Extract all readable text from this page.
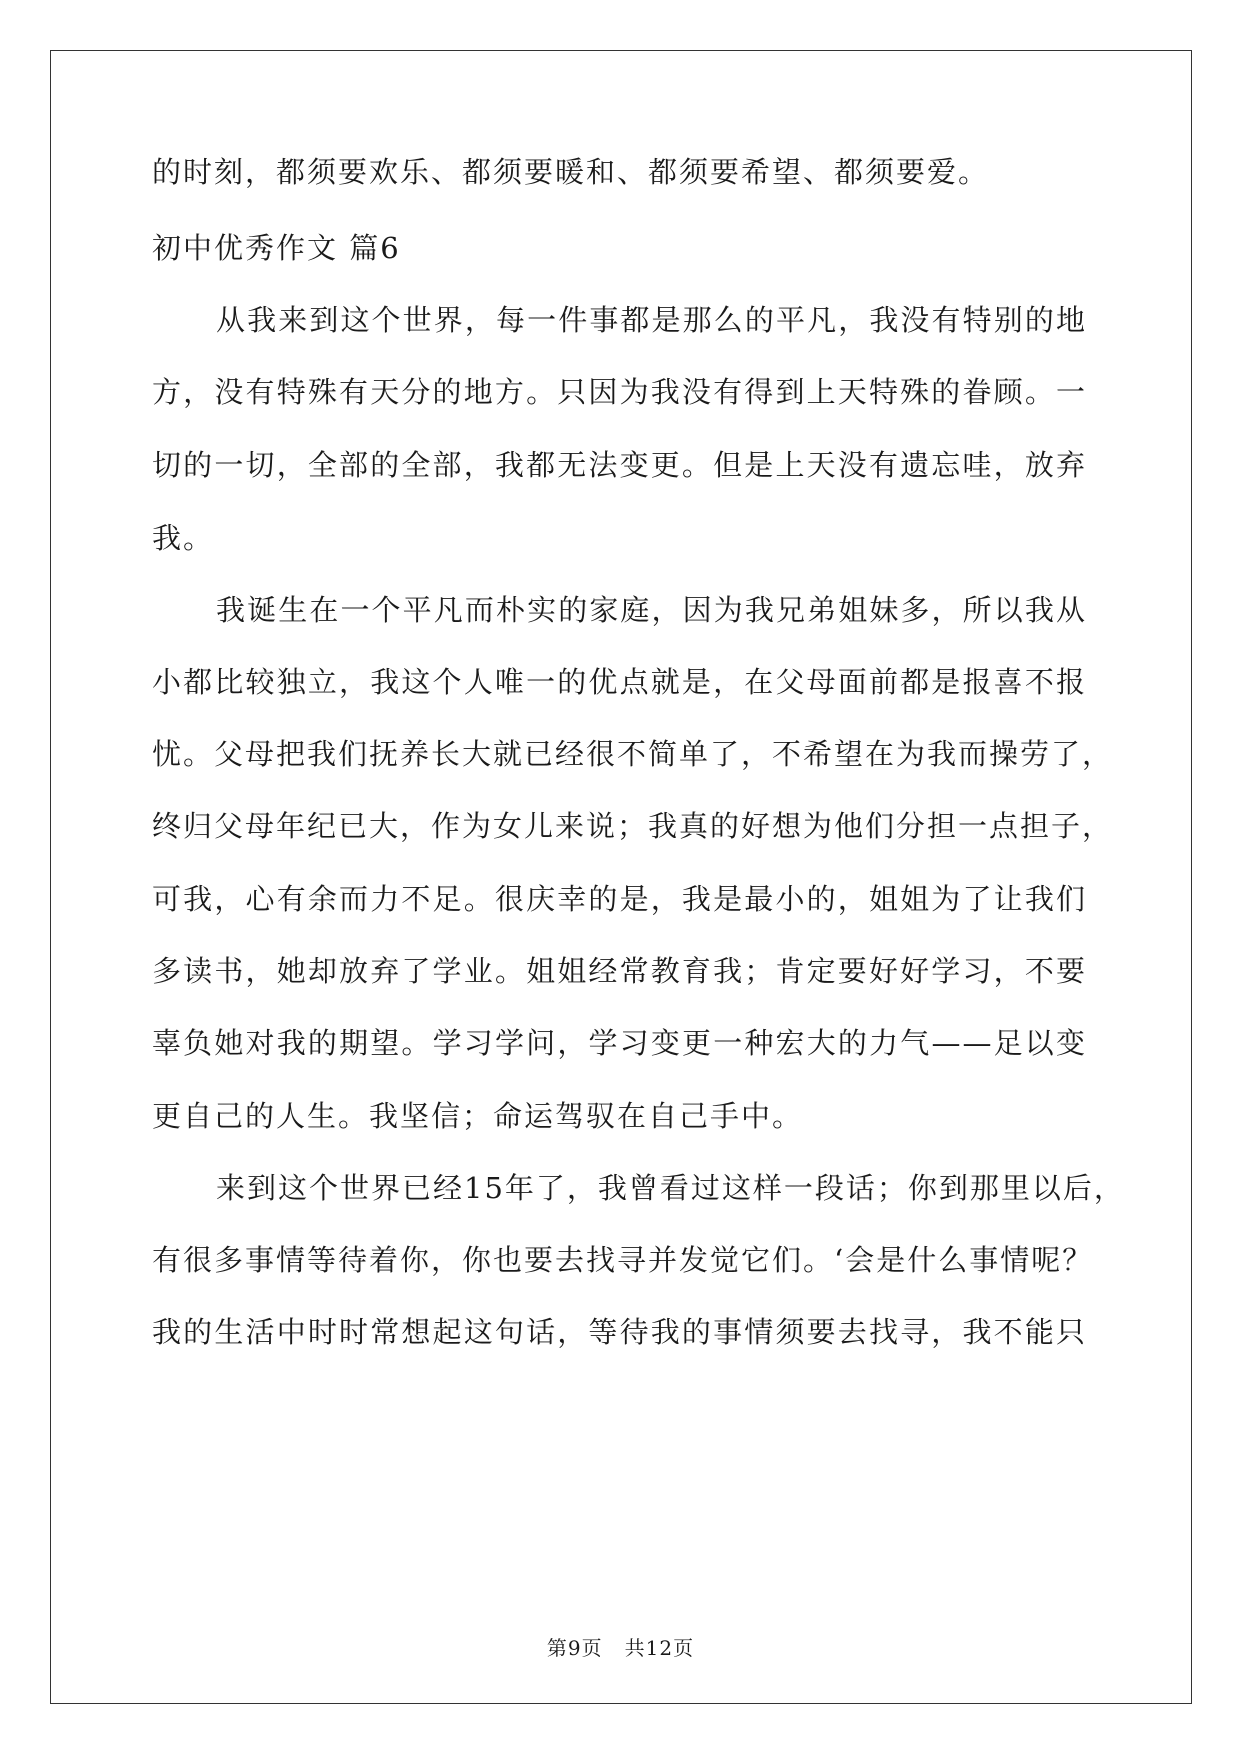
的时刻，都须要欢乐、都须要暖和、都须要希望、都须要爱。
初中优秀作文 篇6
从我来到这个世界，每一件事都是那么的平凡，我没有特别的地
方，没有特殊有天分的地方。只因为我没有得到上天特殊的眷顾。一
切的一切，全部的全部，我都无法变更。但是上天没有遗忘哇，放弃
我。
我诞生在一个平凡而朴实的家庭，因为我兄弟姐妹多，所以我从
小都比较独立，我这个人唯一的优点就是，在父母面前都是报喜不报
忧。父母把我们抚养长大就已经很不简单了，不希望在为我而操劳了，
终归父母年纪已大，作为女儿来说；我真的好想为他们分担一点担子，
可我，心有余而力不足。很庆幸的是，我是最小的，姐姐为了让我们
多读书，她却放弃了学业。姐姐经常教育我；肯定要好好学习，不要
辜负她对我的期望。学习学问，学习变更一种宏大的力气——足以变
更自己的人生。我坚信；命运驾驭在自己手中。
来到这个世界已经15年了，我曾看过这样一段话；你到那里以后，
有很多事情等待着你，你也要去找寻并发觉它们。‘会是什么事情呢？
我的生活中时时常想起这句话，等待我的事情须要去找寻，我不能只
第9页   共12页
